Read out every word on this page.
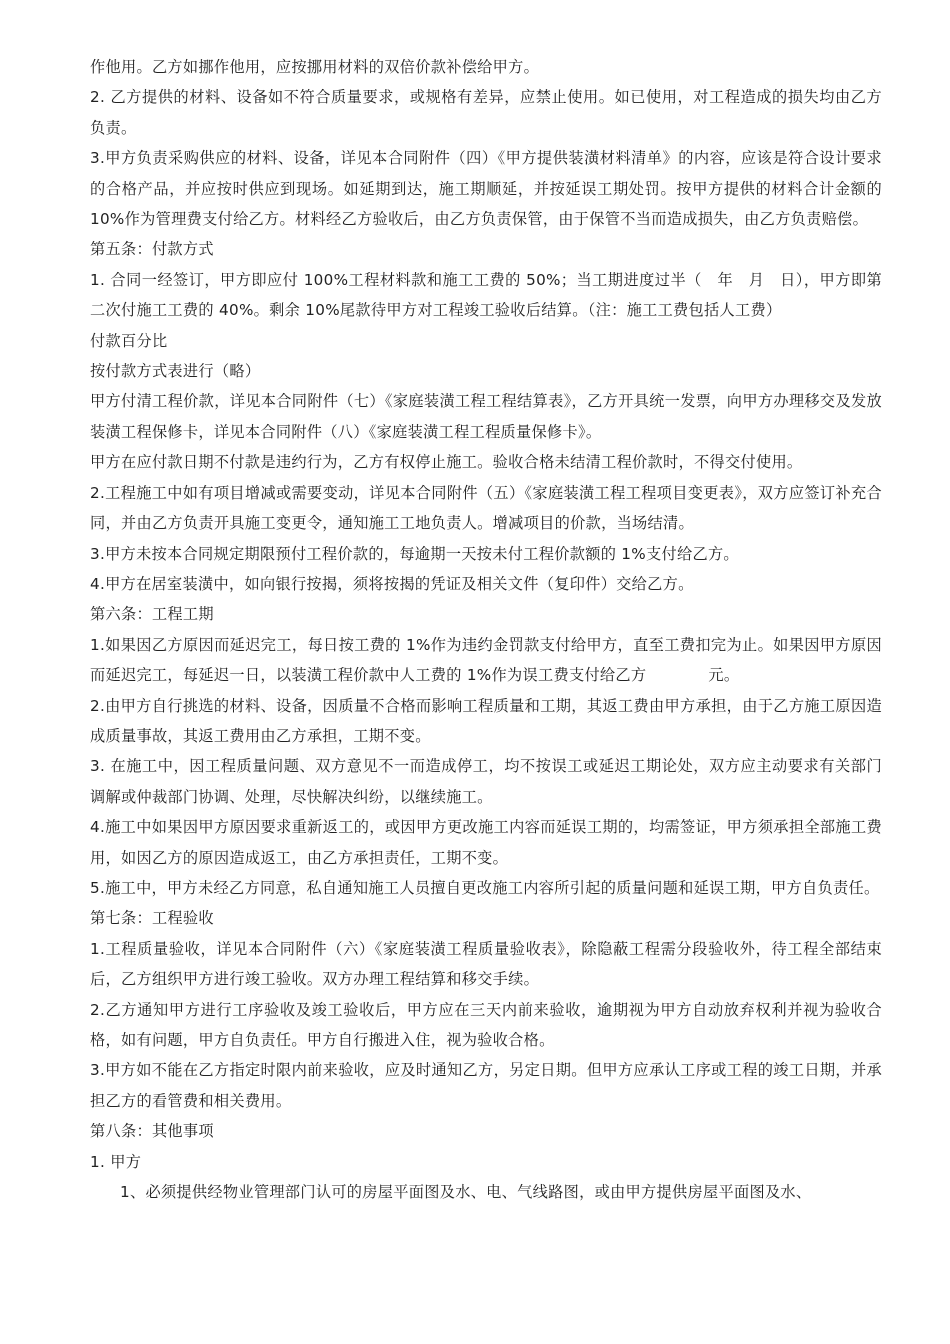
作他用。乙方如挪作他用，应按挪用材料的双倍价款补偿给甲方。

2. 乙方提供的材料、设备如不符合质量要求，或规格有差异，应禁止使用。如已使用，对工程造成的损失均由乙方负责。

3.甲方负责采购供应的材料、设备，详见本合同附件（四）《甲方提供装潢材料清单》的内容，应该是符合设计要求的合格产品，并应按时供应到现场。如延期到达，施工期顺延，并按延误工期处罚。按甲方提供的材料合计金额的 10%作为管理费支付给乙方。材料经乙方验收后，由乙方负责保管，由于保管不当而造成损失，由乙方负责赔偿。

第五条：付款方式

1. 合同一经签订，甲方即应付 100%工程材料款和施工工费的 50%；当工期进度过半（　年　月　日），甲方即第二次付施工工费的 40%。剩余 10%尾款待甲方对工程竣工验收后结算。（注：施工工费包括人工费）

付款百分比

按付款方式表进行（略）

甲方付清工程价款，详见本合同附件（七）《家庭装潢工程工程结算表》，乙方开具统一发票，向甲方办理移交及发放装潢工程保修卡，详见本合同附件（八）《家庭装潢工程工程质量保修卡》。

甲方在应付款日期不付款是违约行为，乙方有权停止施工。验收合格未结清工程价款时，不得交付使用。

2.工程施工中如有项目增减或需要变动，详见本合同附件（五）《家庭装潢工程工程项目变更表》，双方应签订补充合同，并由乙方负责开具施工变更令，通知施工工地负责人。增减项目的价款，当场结清。

3.甲方未按本合同规定期限预付工程价款的，每逾期一天按未付工程价款额的 1%支付给乙方。

4.甲方在居室装潢中，如向银行按揭，须将按揭的凭证及相关文件（复印件）交给乙方。

第六条：工程工期

1.如果因乙方原因而延迟完工，每日按工费的 1%作为违约金罚款支付给甲方，直至工费扣完为止。如果因甲方原因而延迟完工，每延迟一日，以装潢工程价款中人工费的 1%作为误工费支付给乙方　　　　元。

2.由甲方自行挑选的材料、设备，因质量不合格而影响工程质量和工期，其返工费由甲方承担，由于乙方施工原因造成质量事故，其返工费用由乙方承担，工期不变。

3. 在施工中，因工程质量问题、双方意见不一而造成停工，均不按误工或延迟工期论处，双方应主动要求有关部门调解或仲裁部门协调、处理，尽快解决纠纷，以继续施工。

4.施工中如果因甲方原因要求重新返工的，或因甲方更改施工内容而延误工期的，均需签证，甲方须承担全部施工费用，如因乙方的原因造成返工，由乙方承担责任，工期不变。

5.施工中，甲方未经乙方同意，私自通知施工人员擅自更改施工内容所引起的质量问题和延误工期，甲方自负责任。

第七条：工程验收

1.工程质量验收，详见本合同附件（六）《家庭装潢工程质量验收表》，除隐蔽工程需分段验收外，待工程全部结束后，乙方组织甲方进行竣工验收。双方办理工程结算和移交手续。

2.乙方通知甲方进行工序验收及竣工验收后，甲方应在三天内前来验收，逾期视为甲方自动放弃权利并视为验收合格，如有问题，甲方自负责任。甲方自行搬进入住，视为验收合格。

3.甲方如不能在乙方指定时限内前来验收，应及时通知乙方，另定日期。但甲方应承认工序或工程的竣工日期，并承担乙方的看管费和相关费用。

第八条：其他事项

1. 甲方

1、必须提供经物业管理部门认可的房屋平面图及水、电、气线路图，或由甲方提供房屋平面图及水、
